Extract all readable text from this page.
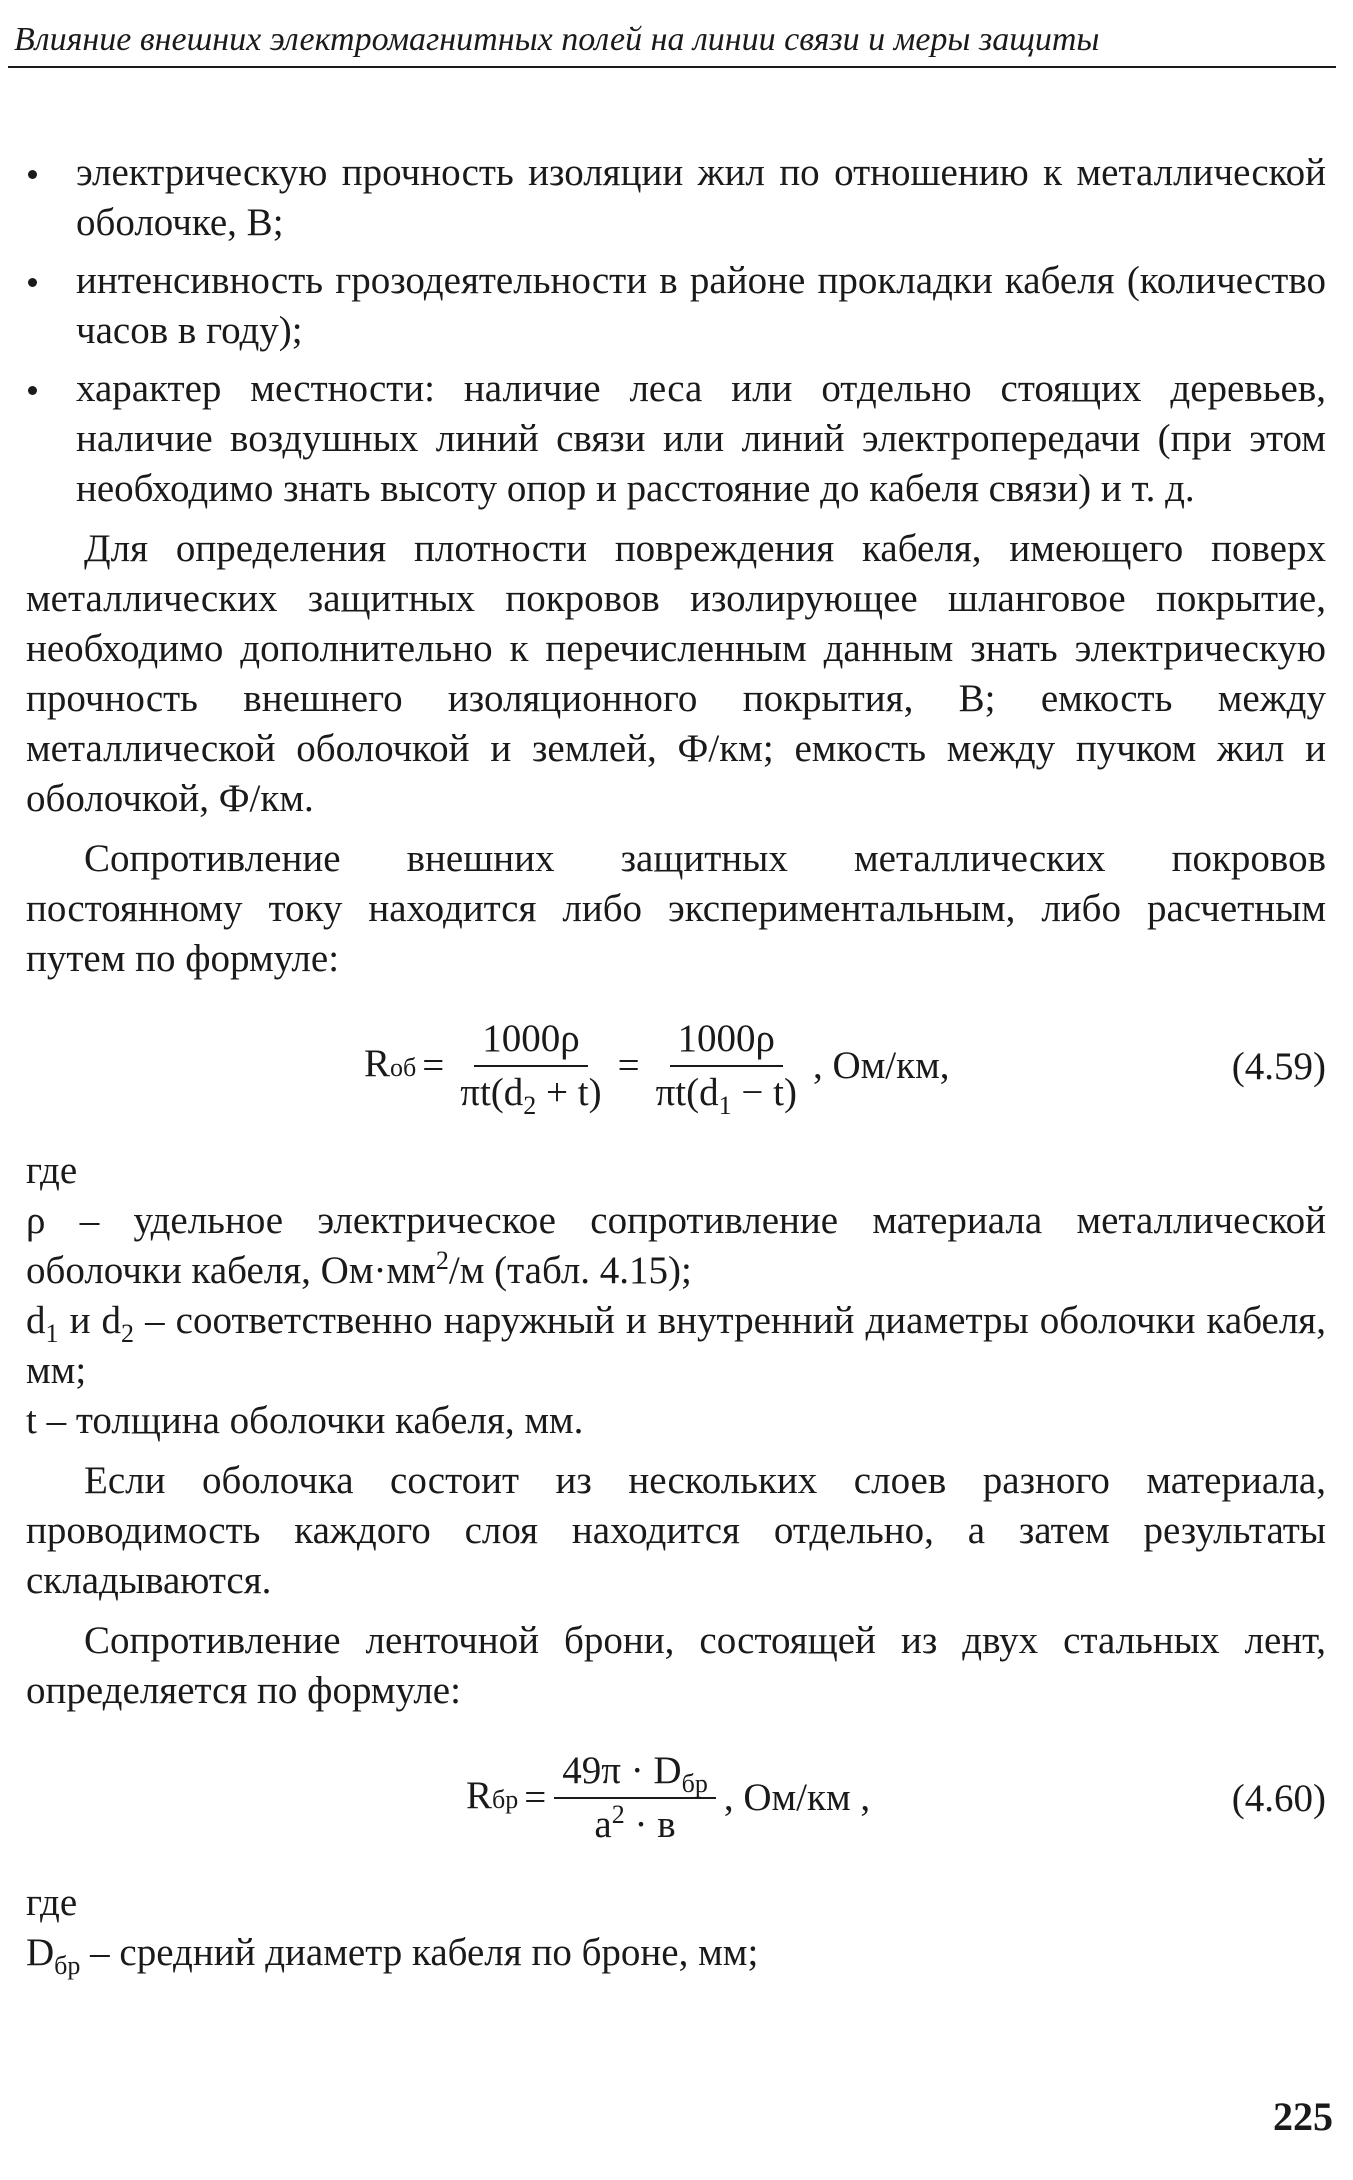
Влияние внешних электромагнитных полей на линии связи и меры защиты
электрическую прочность изоляции жил по отношению к металлической оболочке, В;
интенсивность грозодеятельности в районе прокладки кабеля (количество часов в году);
характер местности: наличие леса или отдельно стоящих деревьев, наличие воздушных линий связи или линий электропередачи (при этом необходимо знать высоту опор и расстояние до кабеля связи) и т. д.

Для определения плотности повреждения кабеля, имеющего поверх металлических защитных покровов изолирующее шланговое покрытие, необходимо дополнительно к перечисленным данным знать электрическую прочность внешнего изоляционного покрытия, В; емкость между металлической оболочкой и землей, Ф/км; емкость между пучком жил и оболочкой, Ф/км.

Сопротивление внешних защитных металлических покровов постоянному току находится либо экспериментальным, либо расчетным путем по формуле:

Rоб = $\frac{1000\rho}{\pi t(d_2 + t)} = \frac{1000\rho}{\pi t(d_1 - t)}$ , Ом/км,	(4.59)

где

ρ – удельное электрическое сопротивление материала металлической оболочки кабеля, $Ом\cdot мм^2/м$ (табл. 4.15);

$d_1$ и $d_2$ – соответственно наружный и внутренний диаметры оболочки кабеля, мм;

t – толщина оболочки кабеля, мм.

Если оболочка состоит из нескольких слоев разного материала, проводимость каждого слоя находится отдельно, а затем результаты складываются.

Сопротивление ленточной брони, состоящей из двух стальных лент, определяется по формуле:

Rбр = $\frac{49\pi \cdot D_{бр}}{a^2 \cdot в}$ , Ом/км ,	(4.60)

где

$D_{бр}$ – средний диаметр кабеля по броне, мм;

225
